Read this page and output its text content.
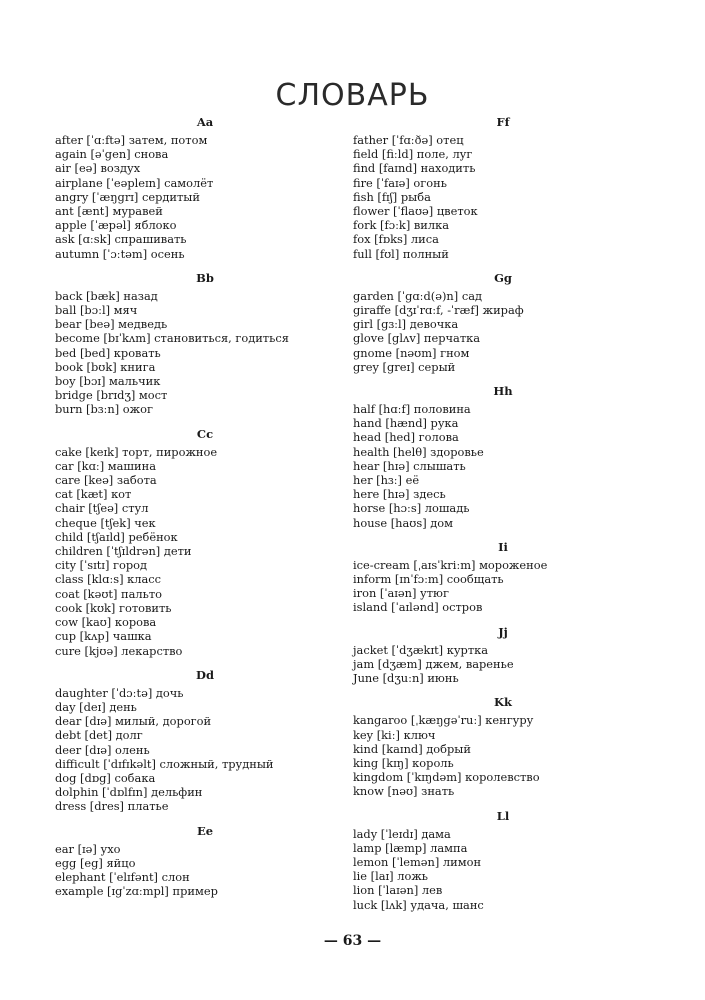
СЛОВАРЬ
Aa
after [ˈɑːftə] затем, потом
again [əˈgen] снова
air [eə] воздух
airplane [ˈeəpleɪn] самолёт
angry [ˈæŋgrɪ] сердитый
ant [ænt] муравей
apple [ˈæpəl] яблоко
ask [ɑːsk] спрашивать
autumn [ˈɔːtəm] осень
Bb
back [bæk] назад
ball [bɔːl] мяч
bear [beə] медведь
become [bɪˈkʌm] становиться, годиться
bed [bed] кровать
book [bʊk] книга
boy [bɔɪ] мальчик
bridge [brɪdʒ] мост
burn [bɜːn] ожог
Cc
cake [keɪk] торт, пирожное
car [kɑː] машина
care [keə] забота
cat [kæt] кот
chair [tʃeə] стул
cheque [tʃek] чек
child [tʃaɪld] ребёнок
children [ˈtʃɪldrən] дети
city [ˈsɪtɪ] город
class [klɑːs] класс
coat [kəʊt] пальто
cook [kʊk] готовить
cow [kaʊ] корова
cup [kʌp] чашка
cure [kjʊə] лекарство
Dd
daughter [ˈdɔːtə] дочь
day [deɪ] день
dear [dɪə] милый, дорогой
debt [det] долг
deer [dɪə] олень
difficult [ˈdɪfɪkəlt] сложный, трудный
dog [dɒg] собака
dolphin [ˈdɒlfɪn] дельфин
dress [dres] платье
Ee
ear [ɪə] ухо
egg [eg] яйцо
elephant [ˈelɪfənt] слон
example [ɪgˈzɑːmpl] пример
Ff
father [ˈfɑːðə] отец
field [fiːld] поле, луг
find [faɪnd] находить
fire [ˈfaɪə] огонь
fish [fɪʃ] рыба
flower [ˈflaʊə] цветок
fork [fɔːk] вилка
fox [fɒks] лиса
full [fʊl] полный
Gg
garden [ˈgɑːd(ə)n] сад
giraffe [dʒɪˈrɑːf, -ˈræf] жираф
girl [gɜːl] девочка
glove [glʌv] перчатка
gnome [nəʊm] гном
grey [greɪ] серый
Hh
half [hɑːf] половина
hand [hænd] рука
head [hed] голова
health [helθ] здоровье
hear [hɪə] слышать
her [hɜː] её
here [hɪə] здесь
horse [hɔːs] лошадь
house [haʊs] дом
Ii
ice-cream [ˌaɪsˈkriːm] мороженое
inform [ɪnˈfɔːm] сообщать
iron [ˈaɪən] утюг
island [ˈaɪlənd] остров
Jj
jacket [ˈdʒækɪt] куртка
jam [dʒæm] джем, варенье
June [dʒuːn] июнь
Kk
kangaroo [ˌkæŋgəˈruː] кенгуру
key [kiː] ключ
kind [kaɪnd] добрый
king [kɪŋ] король
kingdom [ˈkɪŋdəm] королевство
know [nəʊ] знать
Ll
lady [ˈleɪdɪ] дама
lamp [læmp] лампа
lemon [ˈlemən] лимон
lie [laɪ] ложь
lion [ˈlaɪən] лев
luck [lʌk] удача, шанс
— 63 —
